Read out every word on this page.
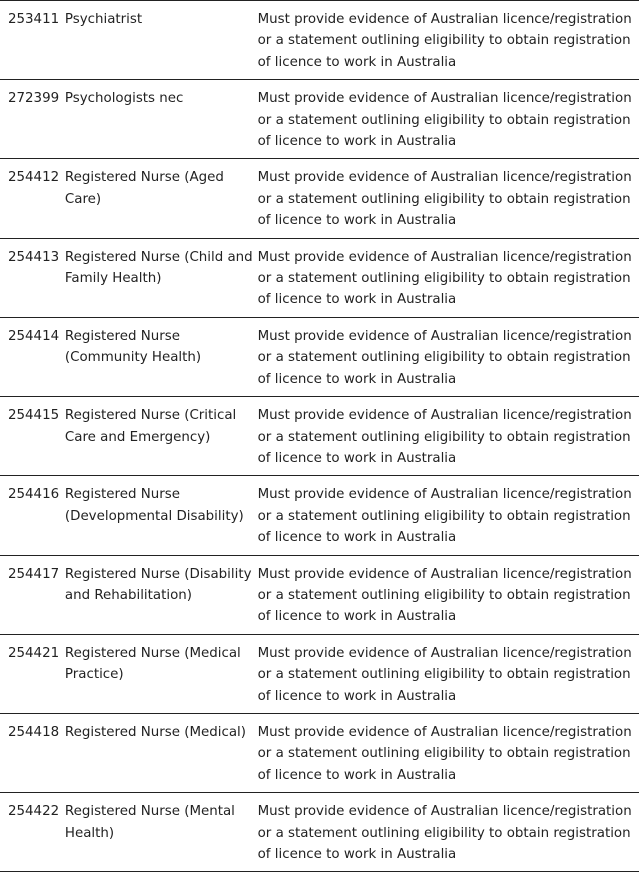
253411	Psychiatrist	Must provide evidence of Australian licence/registration or a statement outlining eligibility to obtain registration of licence to work in Australia
272399	Psychologists nec	Must provide evidence of Australian licence/registration or a statement outlining eligibility to obtain registration of licence to work in Australia
254412	Registered Nurse (Aged Care)	Must provide evidence of Australian licence/registration or a statement outlining eligibility to obtain registration of licence to work in Australia
254413	Registered Nurse (Child and Family Health)	Must provide evidence of Australian licence/registration or a statement outlining eligibility to obtain registration of licence to work in Australia
254414	Registered Nurse (Community Health)	Must provide evidence of Australian licence/registration or a statement outlining eligibility to obtain registration of licence to work in Australia
254415	Registered Nurse (Critical Care and Emergency)	Must provide evidence of Australian licence/registration or a statement outlining eligibility to obtain registration of licence to work in Australia
254416	Registered Nurse (Developmental Disability)	Must provide evidence of Australian licence/registration or a statement outlining eligibility to obtain registration of licence to work in Australia
254417	Registered Nurse (Disability and Rehabilitation)	Must provide evidence of Australian licence/registration or a statement outlining eligibility to obtain registration of licence to work in Australia
254421	Registered Nurse (Medical Practice)	Must provide evidence of Australian licence/registration or a statement outlining eligibility to obtain registration of licence to work in Australia
254418	Registered Nurse (Medical)	Must provide evidence of Australian licence/registration or a statement outlining eligibility to obtain registration of licence to work in Australia
254422	Registered Nurse (Mental Health)	Must provide evidence of Australian licence/registration or a statement outlining eligibility to obtain registration of licence to work in Australia
